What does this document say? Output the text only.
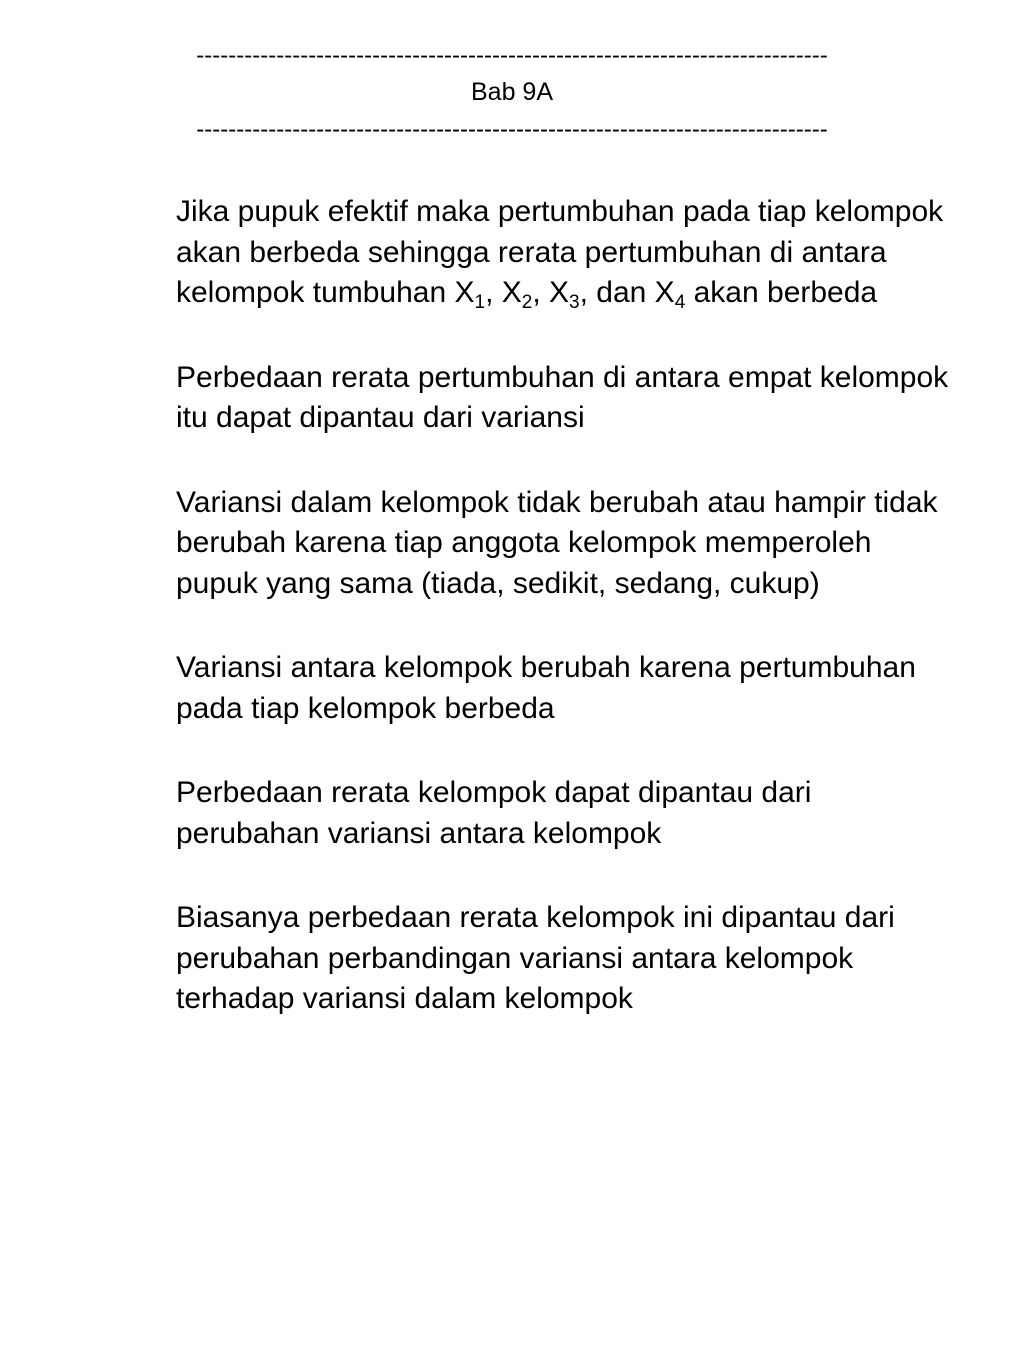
-------------------------------------------------------------------------------
Bab 9A
-------------------------------------------------------------------------------

Jika pupuk efektif maka pertumbuhan pada tiap kelompok akan berbeda sehingga rerata pertumbuhan di antara kelompok tumbuhan $X_1$, $X_2$, $X_3$, dan $X_4$ akan berbeda

Perbedaan rerata pertumbuhan di antara empat kelompok itu dapat dipantau dari variansi

Variansi dalam kelompok tidak berubah atau hampir tidak berubah karena tiap anggota kelompok memperoleh pupuk yang sama (tiada, sedikit, sedang, cukup)

Variansi antara kelompok berubah karena pertumbuhan pada tiap kelompok berbeda

Perbedaan rerata kelompok dapat dipantau dari perubahan variansi antara kelompok

Biasanya perbedaan rerata kelompok ini dipantau dari perubahan perbandingan variansi antara kelompok terhadap variansi dalam kelompok
